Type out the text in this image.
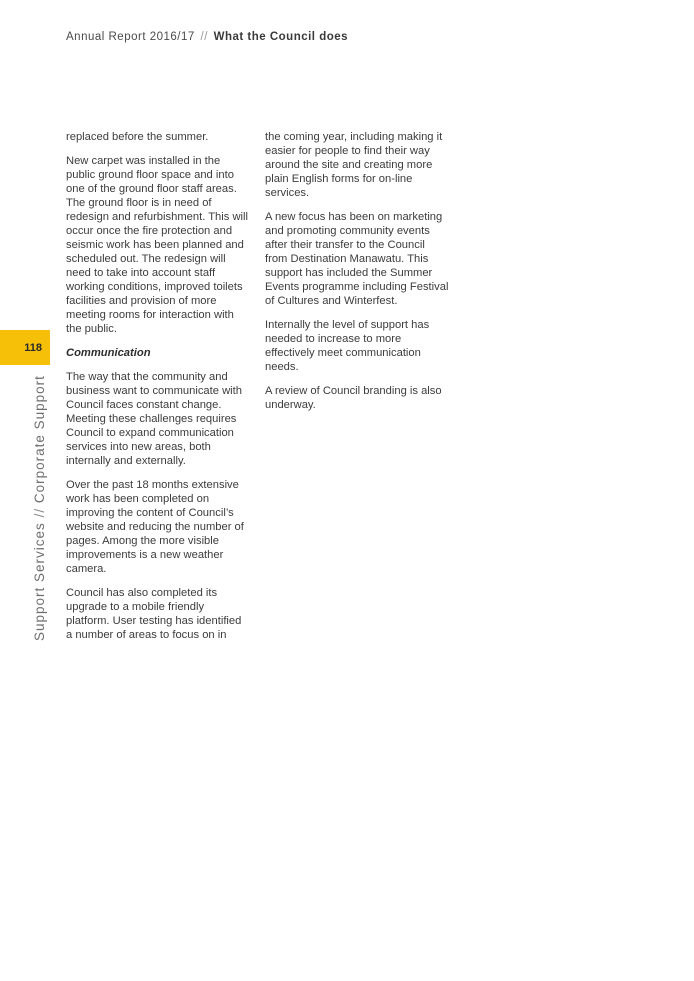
Annual Report 2016/17 // What the Council does
118
Support Services // Corporate Support

replaced before the summer.

New carpet was installed in the public ground floor space and into one of the ground floor staff areas. The ground floor is in need of redesign and refurbishment. This will occur once the fire protection and seismic work has been planned and scheduled out. The redesign will need to take into account staff working conditions, improved toilets facilities and provision of more meeting rooms for interaction with the public.

Communication

The way that the community and business want to communicate with Council faces constant change. Meeting these challenges requires Council to expand communication services into new areas, both internally and externally.

Over the past 18 months extensive work has been completed on improving the content of Council’s website and reducing the number of pages. Among the more visible improvements is a new weather camera.

Council has also completed its upgrade to a mobile friendly platform. User testing has identified a number of areas to focus on in

the coming year, including making it easier for people to find their way around the site and creating more plain English forms for on-line services.

A new focus has been on marketing and promoting community events after their transfer to the Council from Destination Manawatu. This support has included the Summer Events programme including Festival of Cultures and Winterfest.

Internally the level of support has needed to increase to more effectively meet communication needs.

A review of Council branding is also underway.
